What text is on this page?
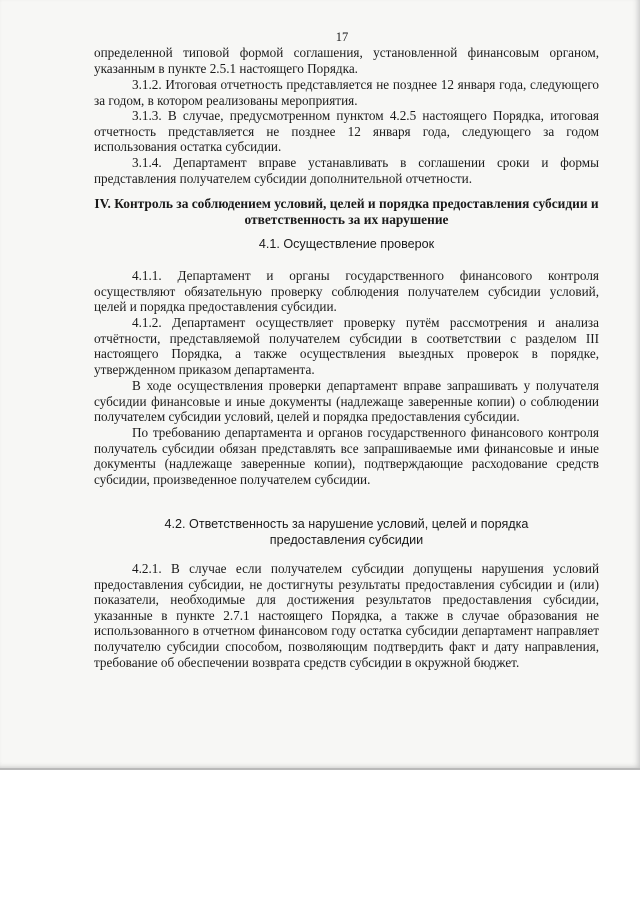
17

определенной типовой формой соглашения, установленной финансовым органом, указанным в пункте 2.5.1 настоящего Порядка.

3.1.2. Итоговая отчетность представляется не позднее 12 января года, следующего за годом, в котором реализованы мероприятия.

3.1.3. В случае, предусмотренном пунктом 4.2.5 настоящего Порядка, итоговая отчетность представляется не позднее 12 января года, следующего за годом использования остатка субсидии.

3.1.4. Департамент вправе устанавливать в соглашении сроки и формы представления получателем субсидии дополнительной отчетности.

IV. Контроль за соблюдением условий, целей и порядка предоставления субсидии и ответственность за их нарушение
4.1. Осуществление проверок

4.1.1. Департамент и органы государственного финансового контроля осуществляют обязательную проверку соблюдения получателем субсидии условий, целей и порядка предоставления субсидии.

4.1.2. Департамент осуществляет проверку путём рассмотрения и анализа отчётности, представляемой получателем субсидии в соответствии с разделом III настоящего Порядка, а также осуществления выездных проверок в порядке, утвержденном приказом департамента.

В ходе осуществления проверки департамент вправе запрашивать у получателя субсидии финансовые и иные документы (надлежаще заверенные копии) о соблюдении получателем субсидии условий, целей и порядка предоставления субсидии.

По требованию департамента и органов государственного финансового контроля получатель субсидии обязан представлять все запрашиваемые ими финансовые и иные документы (надлежаще заверенные копии), подтверждающие расходование средств субсидии, произведенное получателем субсидии.

4.2. Ответственность за нарушение условий, целей и порядка
предоставления субсидии

4.2.1. В случае если получателем субсидии допущены нарушения условий предоставления субсидии, не достигнуты результаты предоставления субсидии и (или) показатели, необходимые для достижения результатов предоставления субсидии, указанные в пункте 2.7.1 настоящего Порядка, а также в случае образования не использованного в отчетном финансовом году остатка субсидии департамент направляет получателю субсидии способом, позволяющим подтвердить факт и дату направления, требование об обеспечении возврата средств субсидии в окружной бюджет.
